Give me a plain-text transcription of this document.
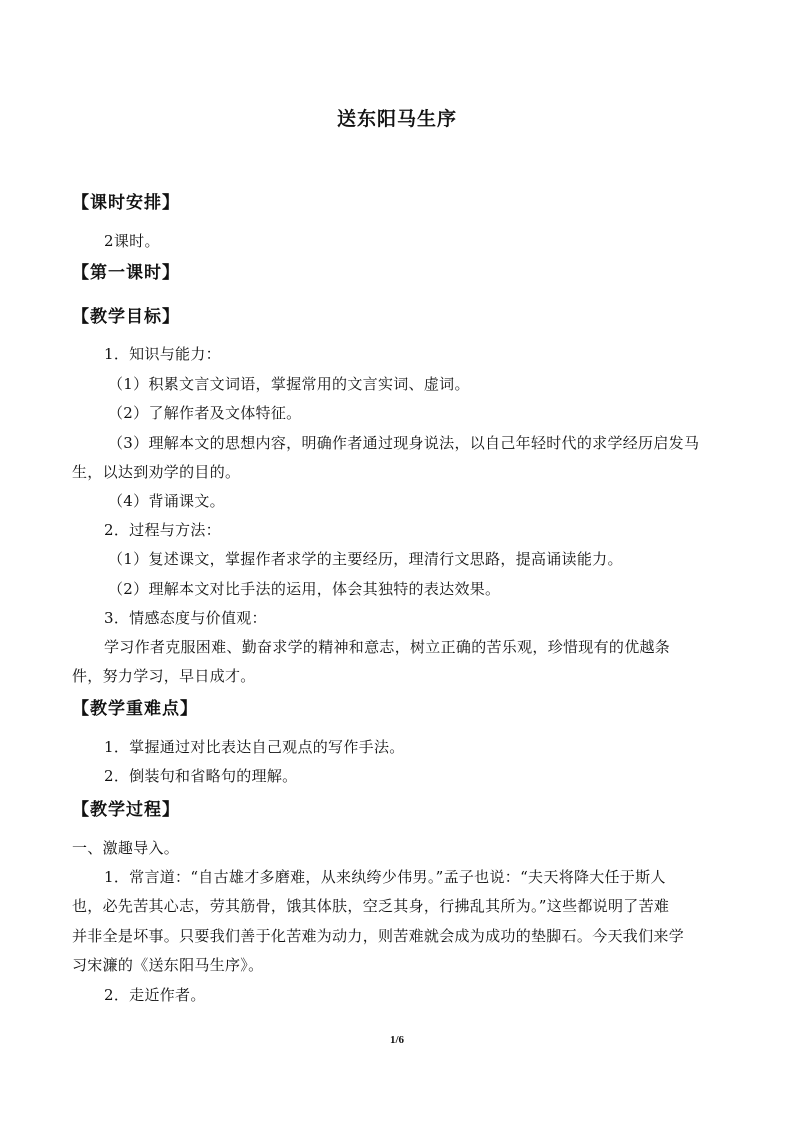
送东阳马生序
【课时安排】
2课时。
【第一课时】
【教学目标】
1．知识与能力：
（1）积累文言文词语，掌握常用的文言实词、虚词。
（2）了解作者及文体特征。
（3）理解本文的思想内容，明确作者通过现身说法，以自己年轻时代的求学经历启发马
生，以达到劝学的目的。
（4）背诵课文。
2．过程与方法：
（1）复述课文，掌握作者求学的主要经历，理清行文思路，提高诵读能力。
（2）理解本文对比手法的运用，体会其独特的表达效果。
3．情感态度与价值观：
学习作者克服困难、勤奋求学的精神和意志，树立正确的苦乐观，珍惜现有的优越条
件，努力学习，早日成才。
【教学重难点】
1．掌握通过对比表达自己观点的写作手法。
2．倒装句和省略句的理解。
【教学过程】
一、激趣导入。
1．常言道：“自古雄才多磨难，从来纨绔少伟男。”孟子也说：“夫天将降大任于斯人
也，必先苦其心志，劳其筋骨，饿其体肤，空乏其身，行拂乱其所为。”这些都说明了苦难
并非全是坏事。只要我们善于化苦难为动力，则苦难就会成为成功的垫脚石。今天我们来学
习宋濂的《送东阳马生序》。
2．走近作者。
1/6
